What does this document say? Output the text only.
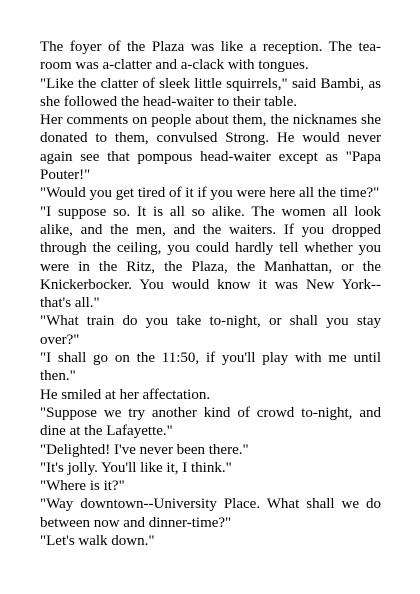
The foyer of the Plaza was like a reception. The tea-room was a-clatter and a-clack with tongues.

"Like the clatter of sleek little squirrels," said Bambi, as she followed the head-waiter to their table.

Her comments on people about them, the nicknames she donated to them, convulsed Strong. He would never again see that pompous head-waiter except as "Papa Pouter!"

"Would you get tired of it if you were here all the time?"

"I suppose so. It is all so alike. The women all look alike, and the men, and the waiters. If you dropped through the ceiling, you could hardly tell whether you were in the Ritz, the Plaza, the Manhattan, or the Knickerbocker. You would know it was New York--that's all."

"What train do you take to-night, or shall you stay over?"

"I shall go on the 11:50, if you'll play with me until then."

He smiled at her affectation.

"Suppose we try another kind of crowd to-night, and dine at the Lafayette."

"Delighted! I've never been there."

"It's jolly. You'll like it, I think."

"Where is it?"

"Way downtown--University Place. What shall we do between now and dinner-time?"

"Let's walk down."
